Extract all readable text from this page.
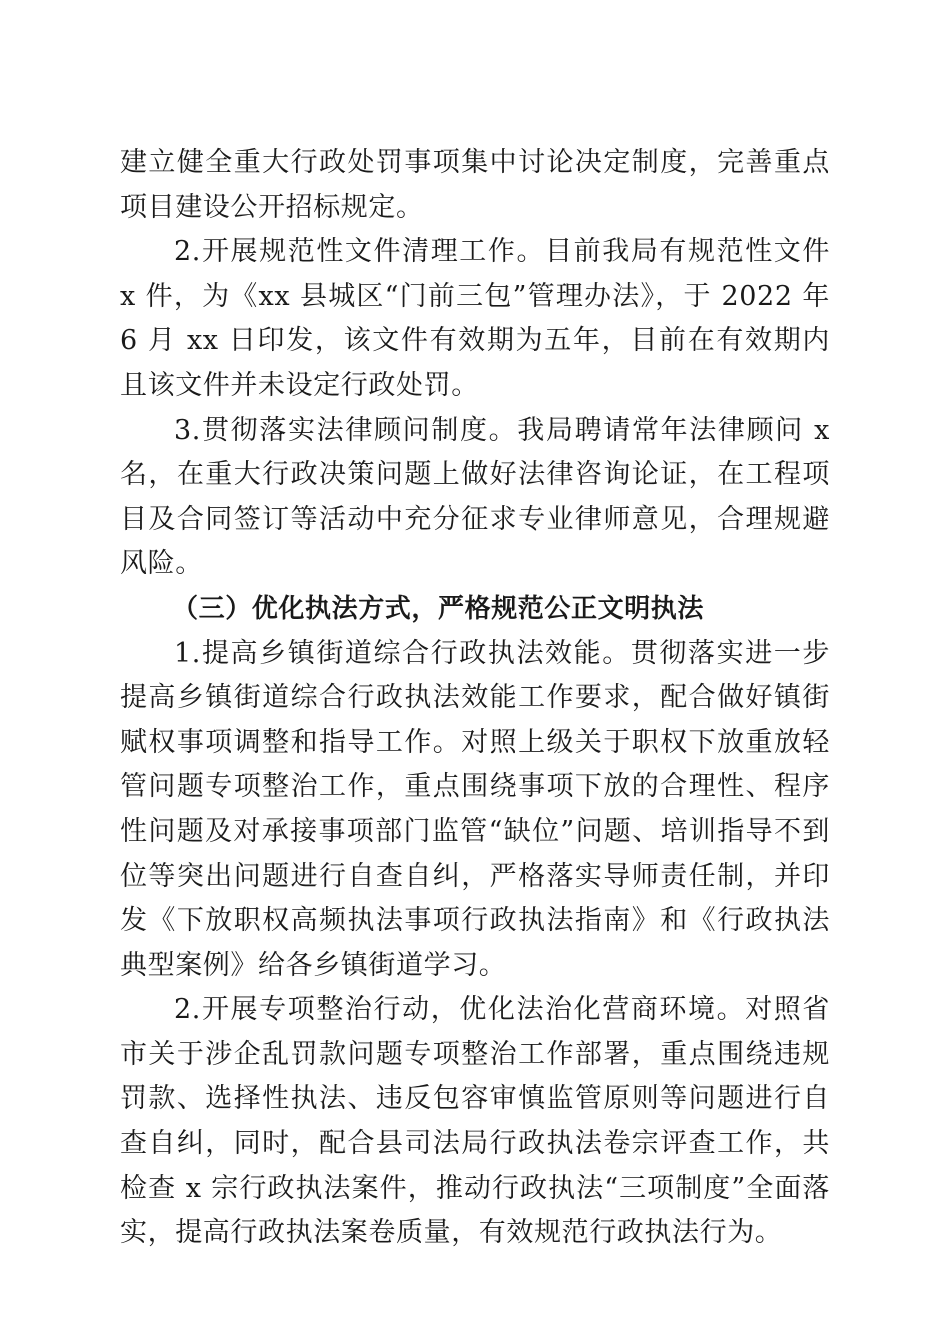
建立健全重大行政处罚事项集中讨论决定制度，完善重点项目建设公开招标规定。

2.开展规范性文件清理工作。目前我局有规范性文件 x 件，为《xx 县城区“门前三包”管理办法》，于 2022 年 6 月 xx 日印发，该文件有效期为五年，目前在有效期内且该文件并未设定行政处罚。

3.贯彻落实法律顾问制度。我局聘请常年法律顾问 x 名，在重大行政决策问题上做好法律咨询论证，在工程项目及合同签订等活动中充分征求专业律师意见，合理规避风险。

（三）优化执法方式，严格规范公正文明执法

1.提高乡镇街道综合行政执法效能。贯彻落实进一步提高乡镇街道综合行政执法效能工作要求，配合做好镇街赋权事项调整和指导工作。对照上级关于职权下放重放轻管问题专项整治工作，重点围绕事项下放的合理性、程序性问题及对承接事项部门监管“缺位”问题、培训指导不到位等突出问题进行自查自纠，严格落实导师责任制，并印发《下放职权高频执法事项行政执法指南》和《行政执法典型案例》给各乡镇街道学习。

2.开展专项整治行动，优化法治化营商环境。对照省市关于涉企乱罚款问题专项整治工作部署，重点围绕违规罚款、选择性执法、违反包容审慎监管原则等问题进行自查自纠，同时，配合县司法局行政执法卷宗评查工作，共检查 x 宗行政执法案件，推动行政执法“三项制度”全面落实，提高行政执法案卷质量，有效规范行政执法行为。
